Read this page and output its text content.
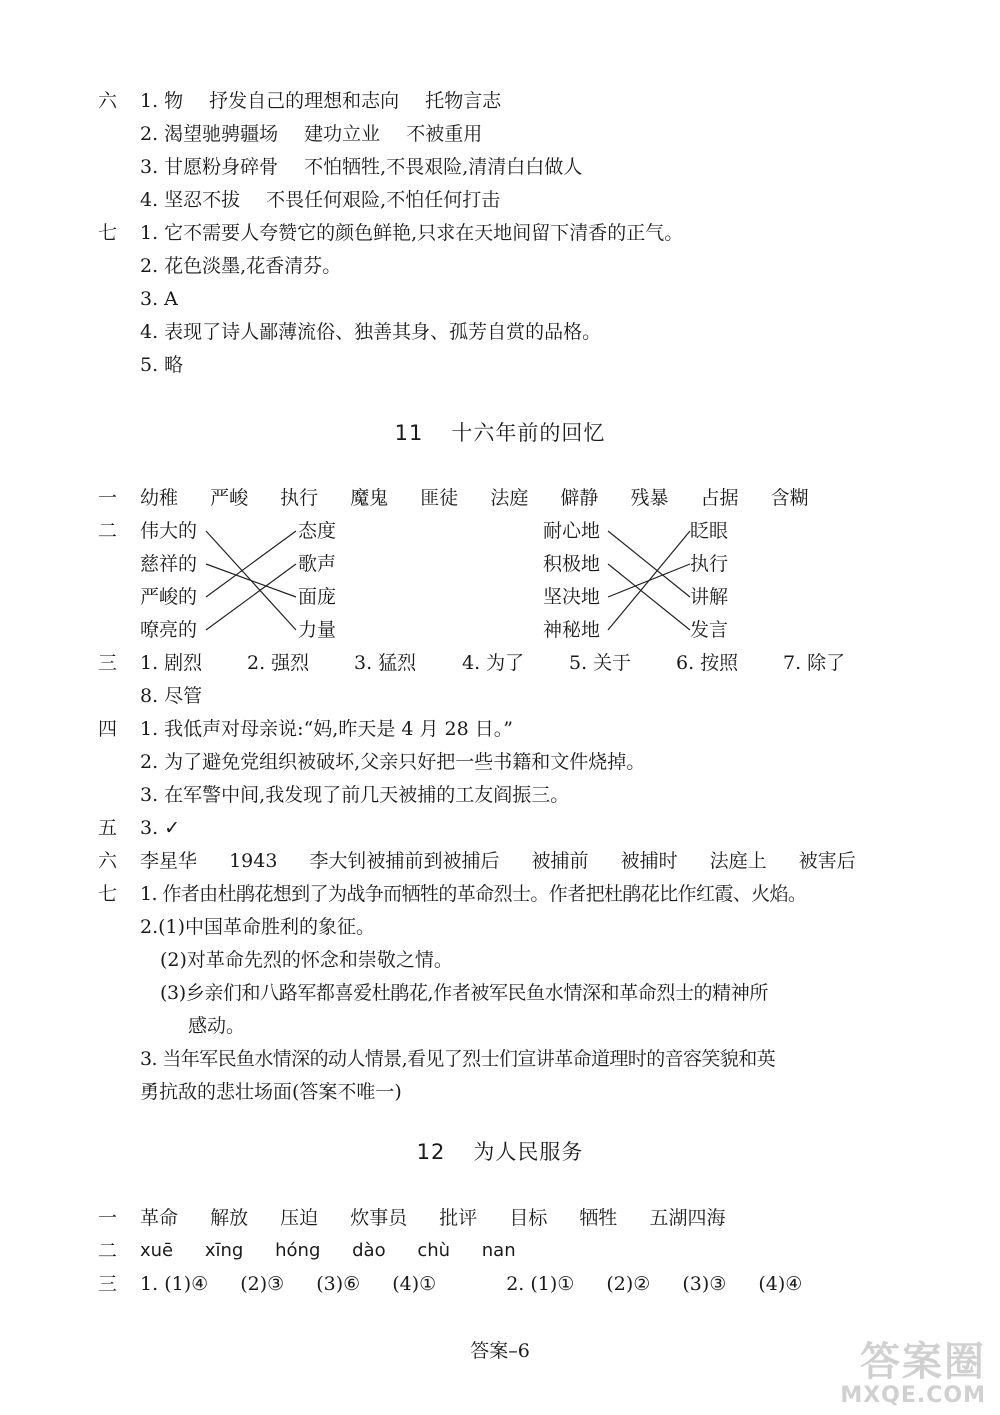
六 1. 物 抒发自己的理想和志向 托物言志
2. 渴望驰骋疆场 建功立业 不被重用
3. 甘愿粉身碎骨 不怕牺牲,不畏艰险,清清白白做人
4. 坚忍不拔 不畏任何艰险,不怕任何打击
七 1. 它不需要人夸赞它的颜色鲜艳,只求在天地间留下清香的正气。
2. 花色淡墨,花香清芬。
3. A
4. 表现了诗人鄙薄流俗、独善其身、孤芳自赏的品格。
5. 略
11 十六年前的回忆
一 幼稚 严峻 执行 魔鬼 匪徒 法庭 僻静 残暴 占据 含糊
二 伟大的
慈祥的
严峻的
嘹亮的
态度
歌声
面庞
力量
耐心地
积极地
坚决地
神秘地
眨眼
执行
讲解
发言
三 1. 剧烈 2. 强烈 3. 猛烈 4. 为了 5. 关于 6. 按照 7. 除了
8. 尽管
四 1. 我低声对母亲说:“妈,昨天是 4 月 28 日。”
2. 为了避免党组织被破坏,父亲只好把一些书籍和文件烧掉。
3. 在军警中间,我发现了前几天被捕的工友阎振三。
五 3. ✓
六 李星华 1943 李大钊被捕前到被捕后 被捕前 被捕时 法庭上 被害后
七 1. 作者由杜鹃花想到了为战争而牺牲的革命烈士。作者把杜鹃花比作红霞、火焰。
2.(1)中国革命胜利的象征。
(2)对革命先烈的怀念和崇敬之情。
(3)乡亲们和八路军都喜爱杜鹃花,作者被军民鱼水情深和革命烈士的精神所
感动。
3. 当年军民鱼水情深的动人情景,看见了烈士们宣讲革命道理时的音容笑貌和英
勇抗敌的悲壮场面(答案不唯一)
12 为人民服务
一 革命 解放 压迫 炊事员 批评 目标 牺牲 五湖四海
二 xuē xīng hóng dào chù nan
三 1. (1)④ (2)③ (3)⑥ (4)①	2. (1)① (2)② (3)③ (4)④
答案–6	答案圈
MXQE.COM
